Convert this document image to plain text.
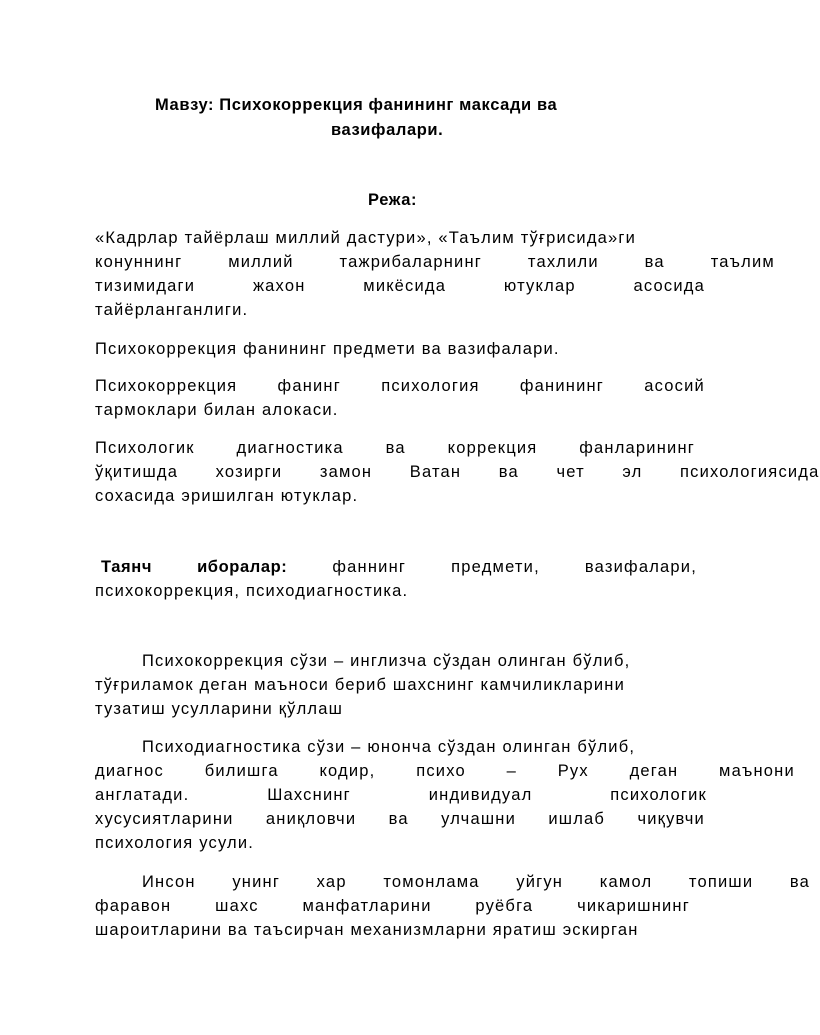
Мавзу: Психокоррекция фанининг максади ва
вазифалари.
Режа:
«Кадрлар тайёрлаш миллий дастури», «Таълим тўғрисида»ги
конуннинг	миллий	тажрибаларнинг	тахлили	ва	таълим
тизимидаги	жахон	микёсида	ютуклар	асосида
тайёрланганлиги.
Психокоррекция фанининг предмети ва вазифалари.
Психокоррекция фанинг психология фанининг асосий
тармоклари билан алокаси.
Психологик	диагностика	ва	коррекция	фанларининг
ўқитишда хозирги замон Ватан ва чет эл психологиясида
сохасида эришилган ютуклар.
Таянч	иборалар:	фаннинг	предмети,	вазифалари,
психокоррекция, психодиагностика.
Психокоррекция сўзи – инглизча сўздан олинган бўлиб,
тўғриламок деган маъноси бериб шахснинг камчиликларини
тузатиш усулларини қўллаш
Психодиагностика сўзи – юнонча сўздан олинган бўлиб,
диагнос билишга кодир, психо – Рух деган маънони
англатади.	Шахснинг	индивидуал	психологик
хусусиятларини аниқловчи ва улчашни ишлаб чиқувчи
психология усули.
Инсон унинг хар томонлама уйгун камол топиши ва
фаравон	шахс	манфатларини	руёбга	чикаришнинг
шароитларини ва таъсирчан механизмларни яратиш эскирган
